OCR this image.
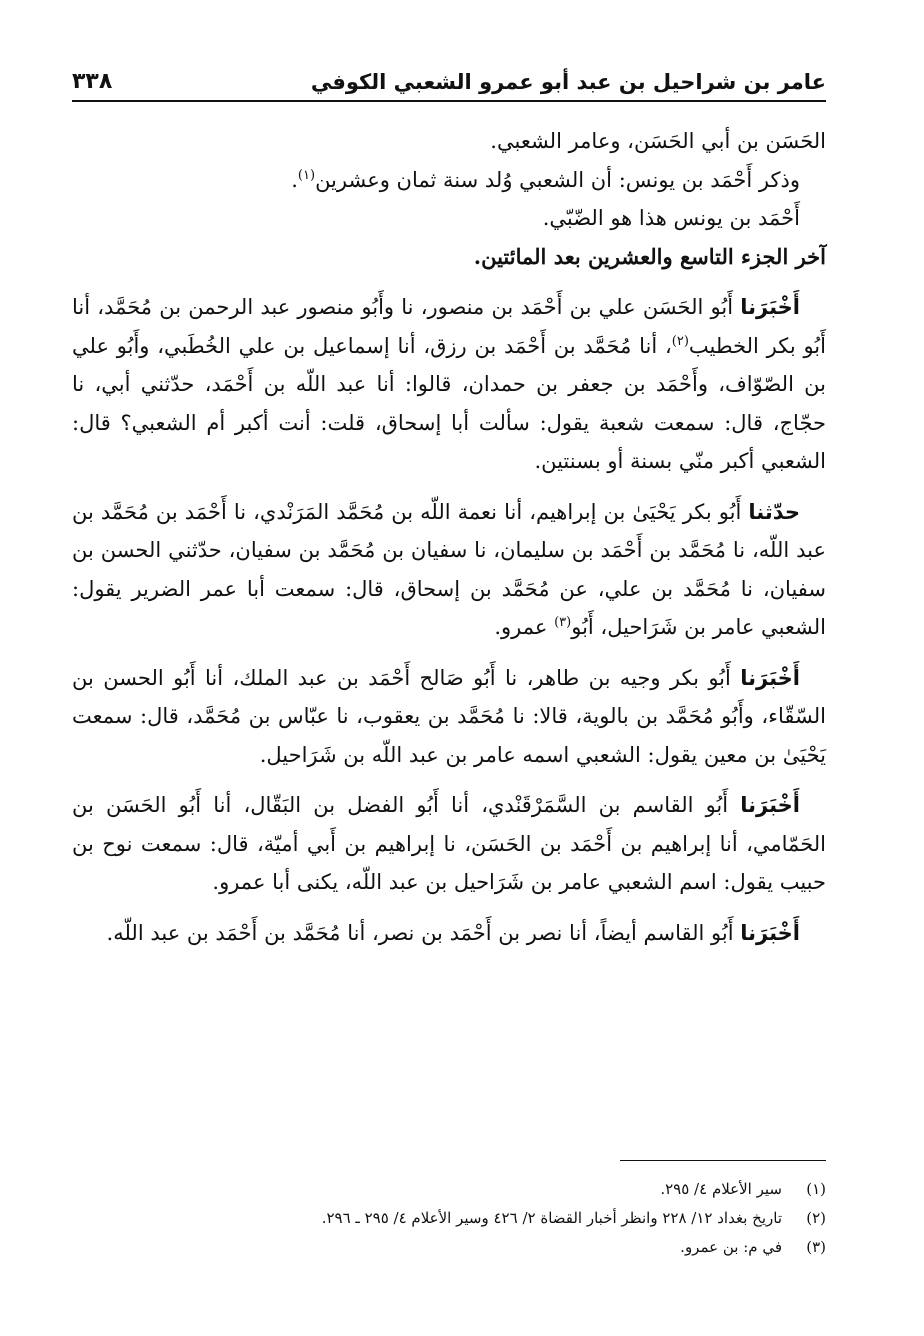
٣٣٨	عامر بن شراحيل بن عبد أبو عمرو الشعبي الكوفي

الحَسَن بن أبي الحَسَن، وعامر الشعبي.

وذكر أَحْمَد بن يونس: أن الشعبي وُلد سنة ثمان وعشرين$^{(١)}$.

أَحْمَد بن يونس هذا هو الضّبّي.

آخر الجزء التاسع والعشرين بعد المائتين.

أَخْبَرَنا أَبُو الحَسَن علي بن أَحْمَد بن منصور، نا وأَبُو منصور عبد الرحمن بن مُحَمَّد، أنا أَبُو بكر الخطيب$^{(٢)}$، أنا مُحَمَّد بن أَحْمَد بن رزق، أنا إسماعيل بن علي الخُطَبي، وأَبُو علي بن الصّوّاف، وأَحْمَد بن جعفر بن حمدان، قالوا: أنا عبد اللّه بن أَحْمَد، حدّثني أبي، نا حجّاج، قال: سمعت شعبة يقول: سألت أبا إسحاق، قلت: أنت أكبر أم الشعبي؟ قال: الشعبي أكبر منّي بسنة أو بسنتين.

حدّثنا أَبُو بكر يَحْيَىٰ بن إبراهيم، أنا نعمة اللّه بن مُحَمَّد المَرَنْدي، نا أَحْمَد بن مُحَمَّد بن عبد اللّه، نا مُحَمَّد بن أَحْمَد بن سليمان، نا سفيان بن مُحَمَّد بن سفيان، حدّثني الحسن بن سفيان، نا مُحَمَّد بن علي، عن مُحَمَّد بن إسحاق، قال: سمعت أبا عمر الضرير يقول: الشعبي عامر بن شَرَاحيل، أَبُو$^{(٣)}$ عمرو.

أَخْبَرَنا أَبُو بكر وجيه بن طاهر، نا أَبُو صَالح أَحْمَد بن عبد الملك، أنا أَبُو الحسن بن السّقّاء، وأَبُو مُحَمَّد بن بالوية، قالا: نا مُحَمَّد بن يعقوب، نا عبّاس بن مُحَمَّد، قال: سمعت يَحْيَىٰ بن معين يقول: الشعبي اسمه عامر بن عبد اللّه بن شَرَاحيل.

أَخْبَرَنا أَبُو القاسم بن السَّمَرْقَنْدي، أنا أَبُو الفضل بن البَقّال، أنا أَبُو الحَسَن بن الحَمّامي، أنا إبراهيم بن أَحْمَد بن الحَسَن، نا إبراهيم بن أَبي أميّة، قال: سمعت نوح بن حبيب يقول: اسم الشعبي عامر بن شَرَاحيل بن عبد اللّه، يكنى أبا عمرو.

أَخْبَرَنا أَبُو القاسم أيضاً، أنا نصر بن أَحْمَد بن نصر، أنا مُحَمَّد بن أَحْمَد بن عبد اللّه.

(١)
سير الأعلام ٤/ ٢٩٥.
(٢)
تاريخ بغداد ١٢/ ٢٢٨ وانظر أخبار القضاة ٢/ ٤٢٦ وسير الأعلام ٤/ ٢٩٥ ـ ٢٩٦.
(٣)
في م: بن عمرو.
